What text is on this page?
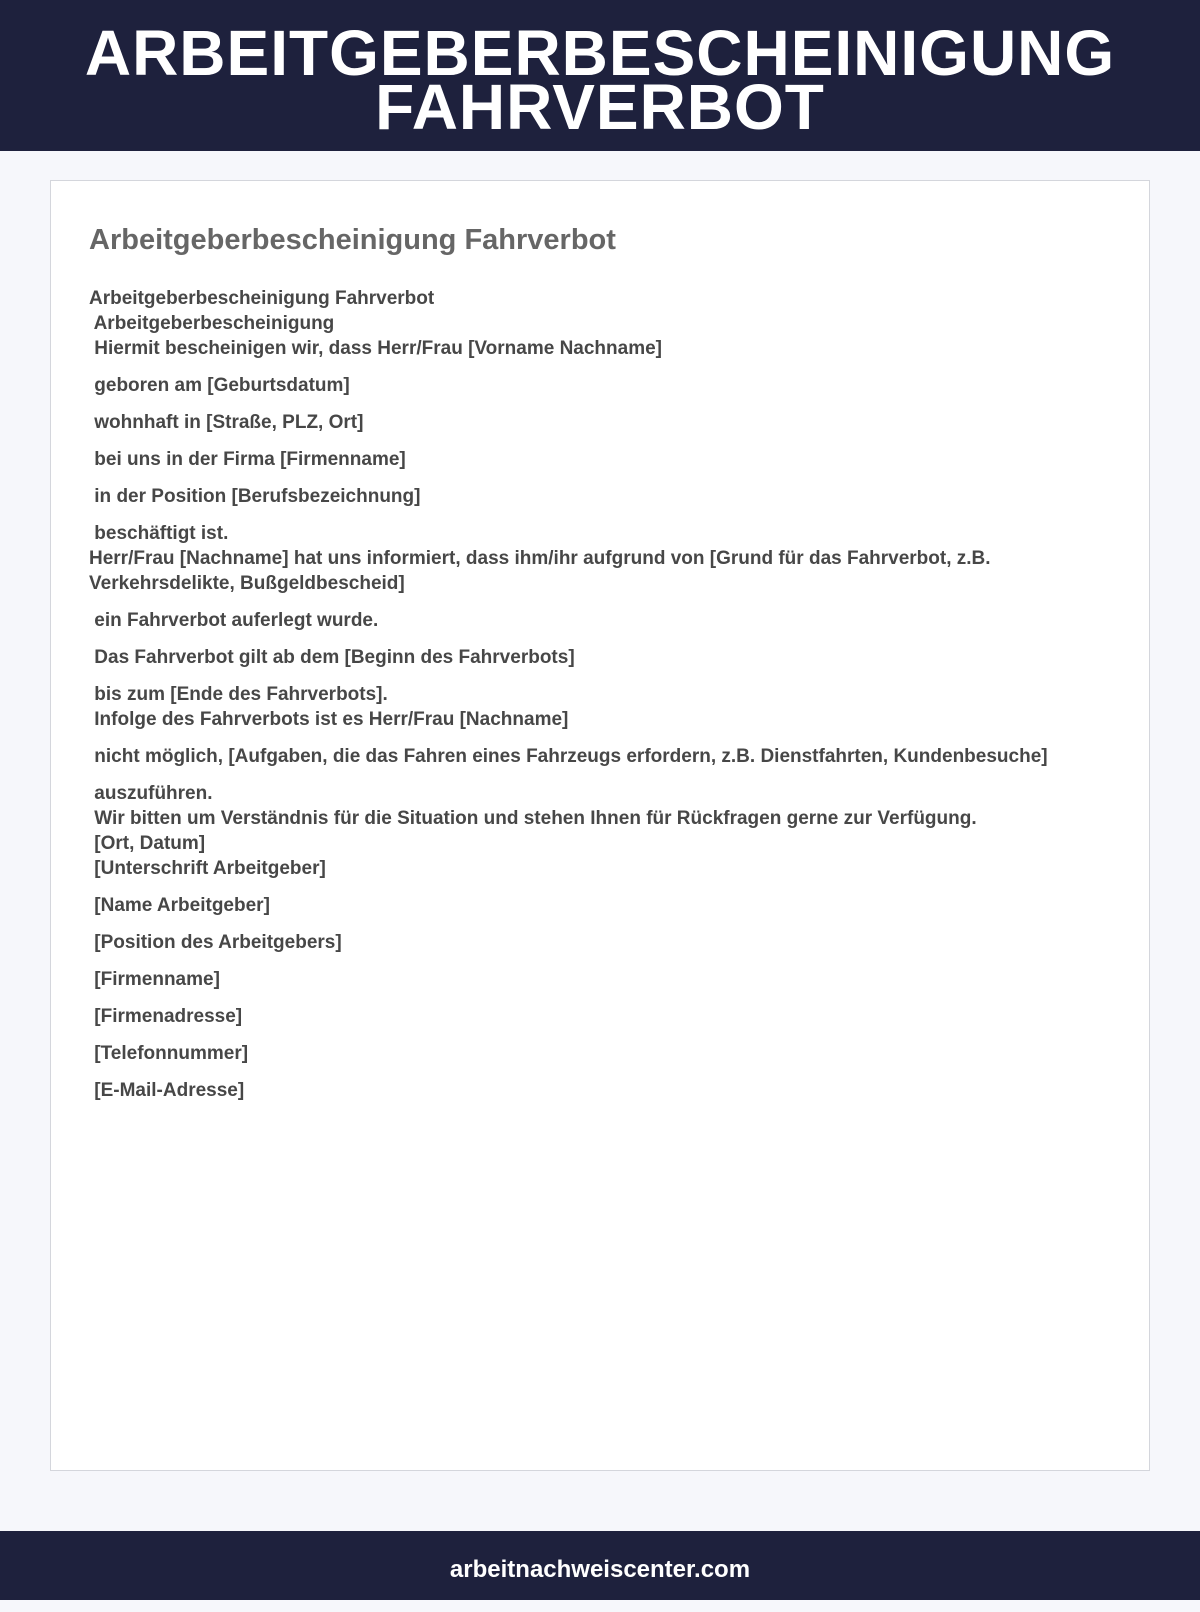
ARBEITGEBERBESCHEINIGUNG
FAHRVERBOT
Arbeitgeberbescheinigung Fahrverbot
Arbeitgeberbescheinigung Fahrverbot
Arbeitgeberbescheinigung
Hiermit bescheinigen wir, dass Herr/Frau [Vorname Nachname]
geboren am [Geburtsdatum]
wohnhaft in [Straße, PLZ, Ort]
bei uns in der Firma [Firmenname]
in der Position [Berufsbezeichnung]
beschäftigt ist.
Herr/Frau [Nachname] hat uns informiert, dass ihm/ihr aufgrund von [Grund für das Fahrverbot, z.B. Verkehrsdelikte, Bußgeldbescheid]
ein Fahrverbot auferlegt wurde.
Das Fahrverbot gilt ab dem [Beginn des Fahrverbots]
bis zum [Ende des Fahrverbots].
Infolge des Fahrverbots ist es Herr/Frau [Nachname]
nicht möglich, [Aufgaben, die das Fahren eines Fahrzeugs erfordern, z.B. Dienstfahrten, Kundenbesuche]
auszuführen.
Wir bitten um Verständnis für die Situation und stehen Ihnen für Rückfragen gerne zur Verfügung.
[Ort, Datum]
[Unterschrift Arbeitgeber]
[Name Arbeitgeber]
[Position des Arbeitgebers]
[Firmenname]
[Firmenadresse]
[Telefonnummer]
[E-Mail-Adresse]
arbeitnachweiscenter.com
